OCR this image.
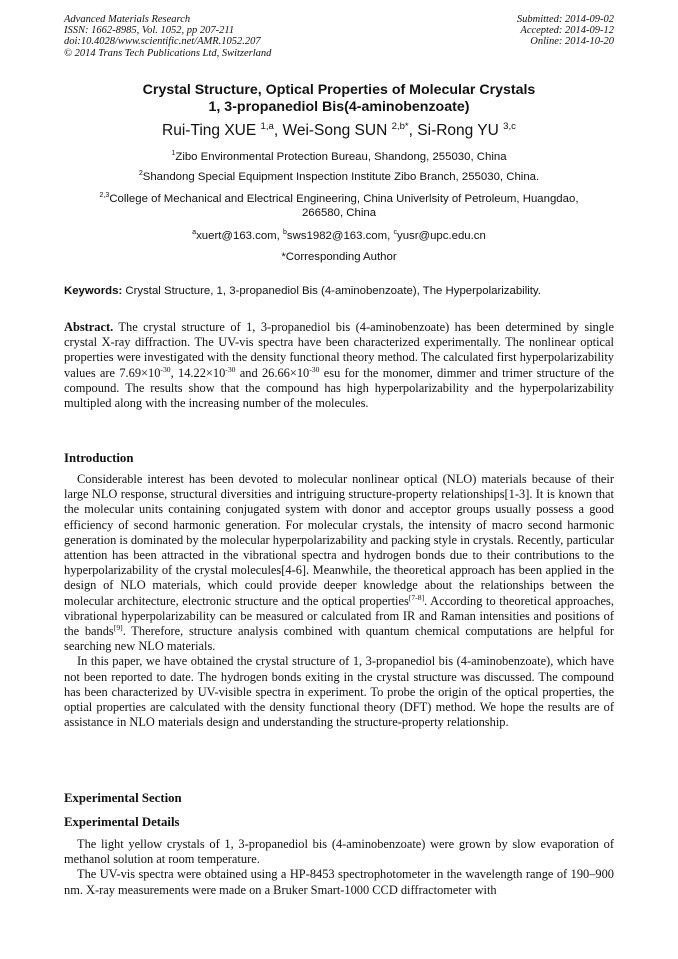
Advanced Materials Research
ISSN: 1662-8985, Vol. 1052, pp 207-211
doi:10.4028/www.scientific.net/AMR.1052.207
© 2014 Trans Tech Publications Ltd, Switzerland
Submitted: 2014-09-02
Accepted: 2014-09-12
Online: 2014-10-20
Crystal Structure, Optical Properties of Molecular Crystals
1, 3-propanediol Bis(4-aminobenzoate)
Rui-Ting XUE $^{1,a}$, Wei-Song SUN $^{2,b*}$, Si-Rong YU $^{3,c}$
$^1$Zibo Environmental Protection Bureau, Shandong, 255030, China
$^2$Shandong Special Equipment Inspection Institute Zibo Branch, 255030, China.
$^{2,3}$College of Mechanical and Electrical Engineering, China Univerlsity of Petroleum, Huangdao,
266580, China
$^a$xuert@163.com, $^b$sws1982@163.com, $^c$yusr@upc.edu.cn
*Corresponding Author
Keywords: Crystal Structure, 1, 3-propanediol Bis (4-aminobenzoate), The Hyperpolarizability.

Abstract. The crystal structure of 1, 3-propanediol bis (4-aminobenzoate) has been determined by single crystal X-ray diffraction. The UV-vis spectra have been characterized experimentally. The nonlinear optical properties were investigated with the density functional theory method. The calculated first hyperpolarizability values are $7.69\times 10^{-30}$, $14.22\times 10^{-30}$ and $26.66\times 10^{-30}$ esu for the monomer, dimmer and trimer structure of the compound. The results show that the compound has high hyperpolarizability and the hyperpolarizability multipled along with the increasing number of the molecules.

Introduction

Considerable interest has been devoted to molecular nonlinear optical (NLO) materials because of their large NLO response, structural diversities and intriguing structure-property relationships[1-3]. It is known that the molecular units containing conjugated system with donor and acceptor groups usually possess a good efficiency of second harmonic generation. For molecular crystals, the intensity of macro second harmonic generation is dominated by the molecular hyperpolarizability and packing style in crystals. Recently, particular attention has been attracted in the vibrational spectra and hydrogen bonds due to their contributions to the hyperpolarizability of the crystal molecules[4-6]. Meanwhile, the theoretical approach has been applied in the design of NLO materials, which could provide deeper knowledge about the relationships between the molecular architecture, electronic structure and the optical properties[7-8]. According to theoretical approaches, vibrational hyperpolarizability can be measured or calculated from IR and Raman intensities and positions of the bands[9]. Therefore, structure analysis combined with quantum chemical computations are helpful for searching new NLO materials.

In this paper, we have obtained the crystal structure of 1, 3-propanediol bis (4-aminobenzoate), which have not been reported to date. The hydrogen bonds exiting in the crystal structure was discussed. The compound has been characterized by UV-visible spectra in experiment. To probe the origin of the optical properties, the optial properties are calculated with the density functional theory (DFT) method. We hope the results are of assistance in NLO materials design and understanding the structure-property relationship.

Experimental Section
Experimental Details

The light yellow crystals of 1, 3-propanediol bis (4-aminobenzoate) were grown by slow evaporation of methanol solution at room temperature.

The UV-vis spectra were obtained using a HP-8453 spectrophotometer in the wavelength range of 190–900 nm. X-ray measurements were made on a Bruker Smart-1000 CCD diffractometer with
